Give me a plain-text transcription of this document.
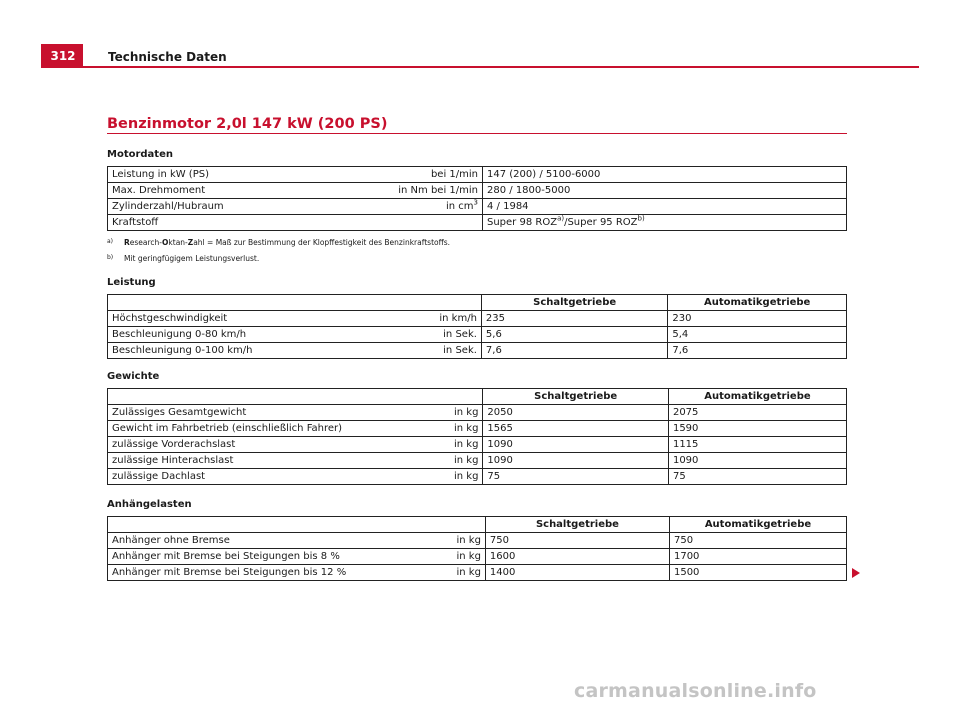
312	Technische Daten
Benzinmotor 2,0l 147 kW (200 PS)
Motordaten
Leistung in kW (PS)	bei 1/min	147 (200) / 5100-6000
Max. Drehmoment	in Nm bei 1/min	280 / 1800-5000
Zylinderzahl/Hubraum	in $cm^3$	4 / 1984
Kraftstoff		Super 98 ROZ$^{a)}$/Super 95 ROZ$^{b)}$
a) Research-Oktan-Zahl = Maß zur Bestimmung der Klopffestigkeit des Benzinkraftstoffs.
b) Mit geringfügigem Leistungsverlust.
Leistung
		Schaltgetriebe	Automatikgetriebe
Höchstgeschwindigkeit	in km/h	235	230
Beschleunigung 0-80 km/h	in Sek.	5,6	5,4
Beschleunigung 0-100 km/h	in Sek.	7,6	7,6
Gewichte
		Schaltgetriebe	Automatikgetriebe
Zulässiges Gesamtgewicht	in kg	2050	2075
Gewicht im Fahrbetrieb (einschließlich Fahrer)	in kg	1565	1590
zulässige Vorderachslast	in kg	1090	1115
zulässige Hinterachslast	in kg	1090	1090
zulässige Dachlast	in kg	75	75
Anhängelasten
		Schaltgetriebe	Automatikgetriebe
Anhänger ohne Bremse	in kg	750	750
Anhänger mit Bremse bei Steigungen bis 8 %	in kg	1600	1700
Anhänger mit Bremse bei Steigungen bis 12 %	in kg	1400	1500
carmanualsonline.info
